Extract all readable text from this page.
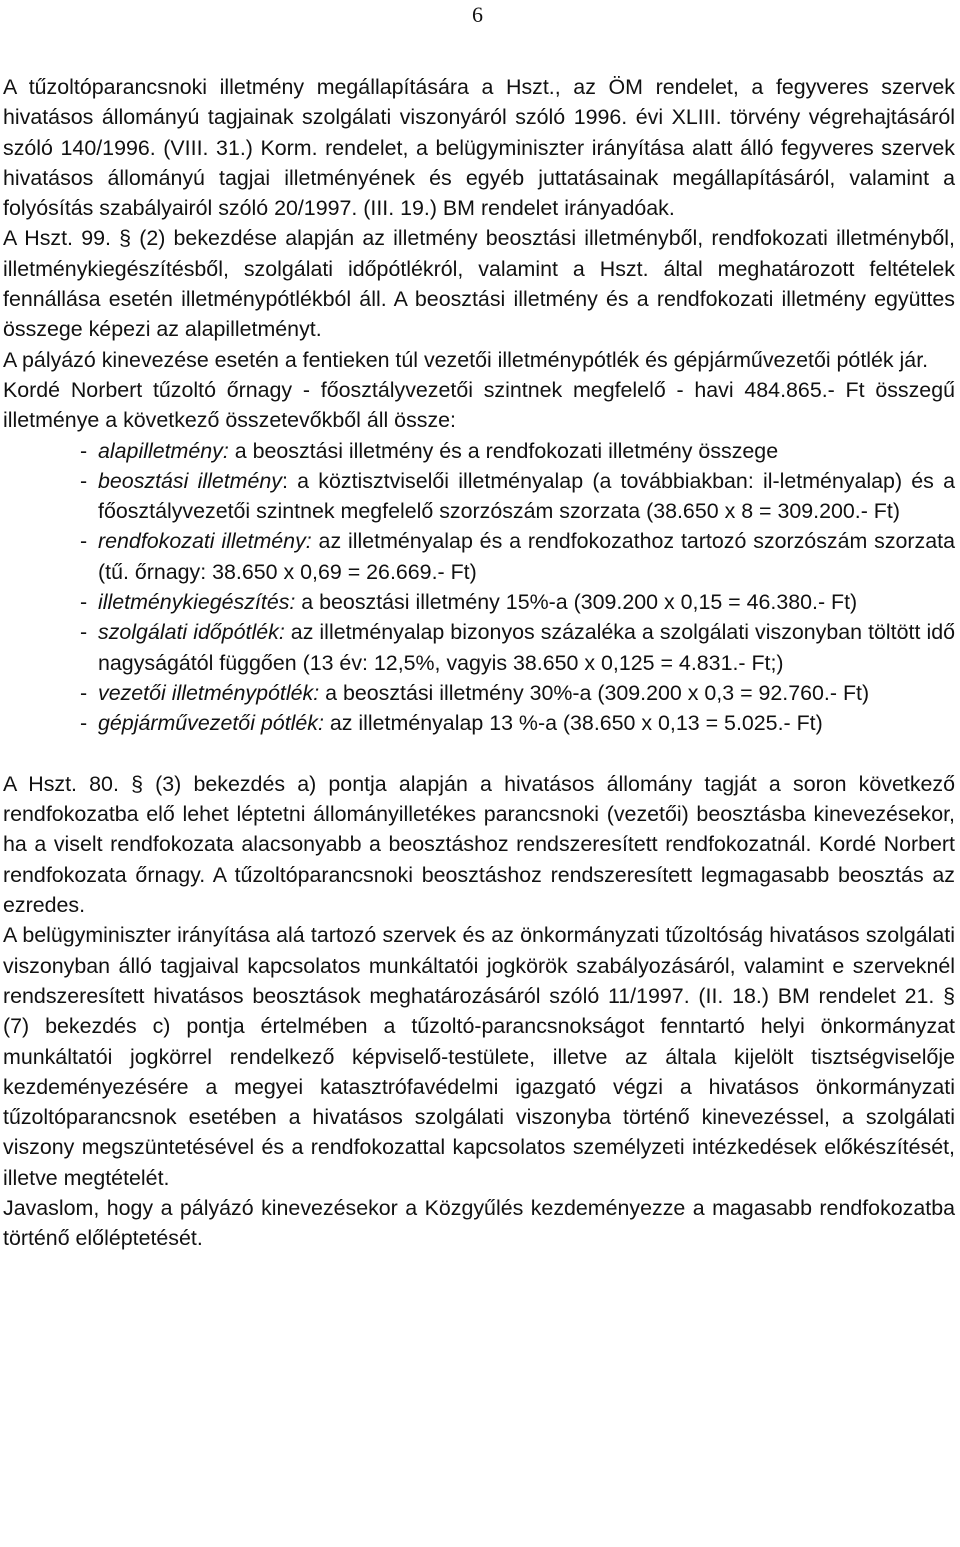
6

A tűzoltóparancsnoki illetmény megállapítására a Hszt., az ÖM rendelet, a fegyveres szervek hivatásos állományú tagjainak szolgálati viszonyáról szóló 1996. évi XLIII. törvény végrehajtásáról szóló 140/1996. (VIII. 31.) Korm. rendelet, a belügyminiszter irányítása alatt álló fegyveres szervek hivatásos állományú tagjai illetményének és egyéb juttatásainak megállapításáról, valamint a folyósítás szabályairól szóló 20/1997. (III. 19.) BM rendelet irányadóak.

A Hszt. 99. § (2) bekezdése alapján az illetmény beosztási illetményből, rendfokozati illetményből, illetménykiegészítésből, szolgálati időpótlékról, valamint a Hszt. által meghatározott feltételek fennállása esetén illetménypótlékból áll. A beosztási illetmény és a rendfokozati illetmény együttes összege képezi az alapilletményt.

A pályázó kinevezése esetén a fentieken túl vezetői illetménypótlék és gépjárművezetői pótlék jár.

Kordé Norbert tűzoltó őrnagy - főosztályvezetői szintnek megfelelő - havi 484.865.- Ft összegű illetménye a következő összetevőkből áll össze:

- alapilletmény: a beosztási illetmény és a rendfokozati illetmény összege
- beosztási illetmény: a köztisztviselői illetményalap (a továbbiakban: il-letményalap) és a főosztályvezetői szintnek megfelelő szorzószám szorzata (38.650 x 8 = 309.200.- Ft)
- rendfokozati illetmény: az illetményalap és a rendfokozathoz tartozó szorzószám szorzata (tű. őrnagy: 38.650 x 0,69 = 26.669.- Ft)
- illetménykiegészítés: a beosztási illetmény 15%-a (309.200 x 0,15 = 46.380.- Ft)
- szolgálati időpótlék: az illetményalap bizonyos százaléka a szolgálati viszonyban töltött idő nagyságától függően (13 év: 12,5%, vagyis 38.650 x 0,125 = 4.831.- Ft;)
- vezetői illetménypótlék: a beosztási illetmény 30%-a (309.200 x 0,3 = 92.760.- Ft)
- gépjárművezetői pótlék: az illetményalap 13 %-a (38.650 x 0,13 = 5.025.- Ft)

A Hszt. 80. § (3) bekezdés a) pontja alapján a hivatásos állomány tagját a soron következő rendfokozatba elő lehet léptetni állományilletékes parancsnoki (vezetői) beosztásba kinevezésekor, ha a viselt rendfokozata alacsonyabb a beosztáshoz rendszeresített rendfokozatnál. Kordé Norbert rendfokozata őrnagy. A tűzoltóparancsnoki beosztáshoz rendszeresített legmagasabb beosztás az ezredes.

A belügyminiszter irányítása alá tartozó szervek és az önkormányzati tűzoltóság hivatásos szolgálati viszonyban álló tagjaival kapcsolatos munkáltatói jogkörök szabályozásáról, valamint e szerveknél rendszeresített hivatásos beosztások meghatározásáról szóló 11/1997. (II. 18.) BM rendelet 21. § (7) bekezdés c) pontja értelmében a tűzoltó-parancsnokságot fenntartó helyi önkormányzat munkáltatói jogkörrel rendelkező képviselő-testülete, illetve az általa kijelölt tisztségviselője kezdeményezésére a megyei katasztrófavédelmi igazgató végzi a hivatásos önkormányzati tűzoltóparancsnok esetében a hivatásos szolgálati viszonyba történő kinevezéssel, a szolgálati viszony megszüntetésével és a rendfokozattal kapcsolatos személyzeti intézkedések előkészítését, illetve megtételét.

Javaslom, hogy a pályázó kinevezésekor a Közgyűlés kezdeményezze a magasabb rendfokozatba történő előléptetését.
